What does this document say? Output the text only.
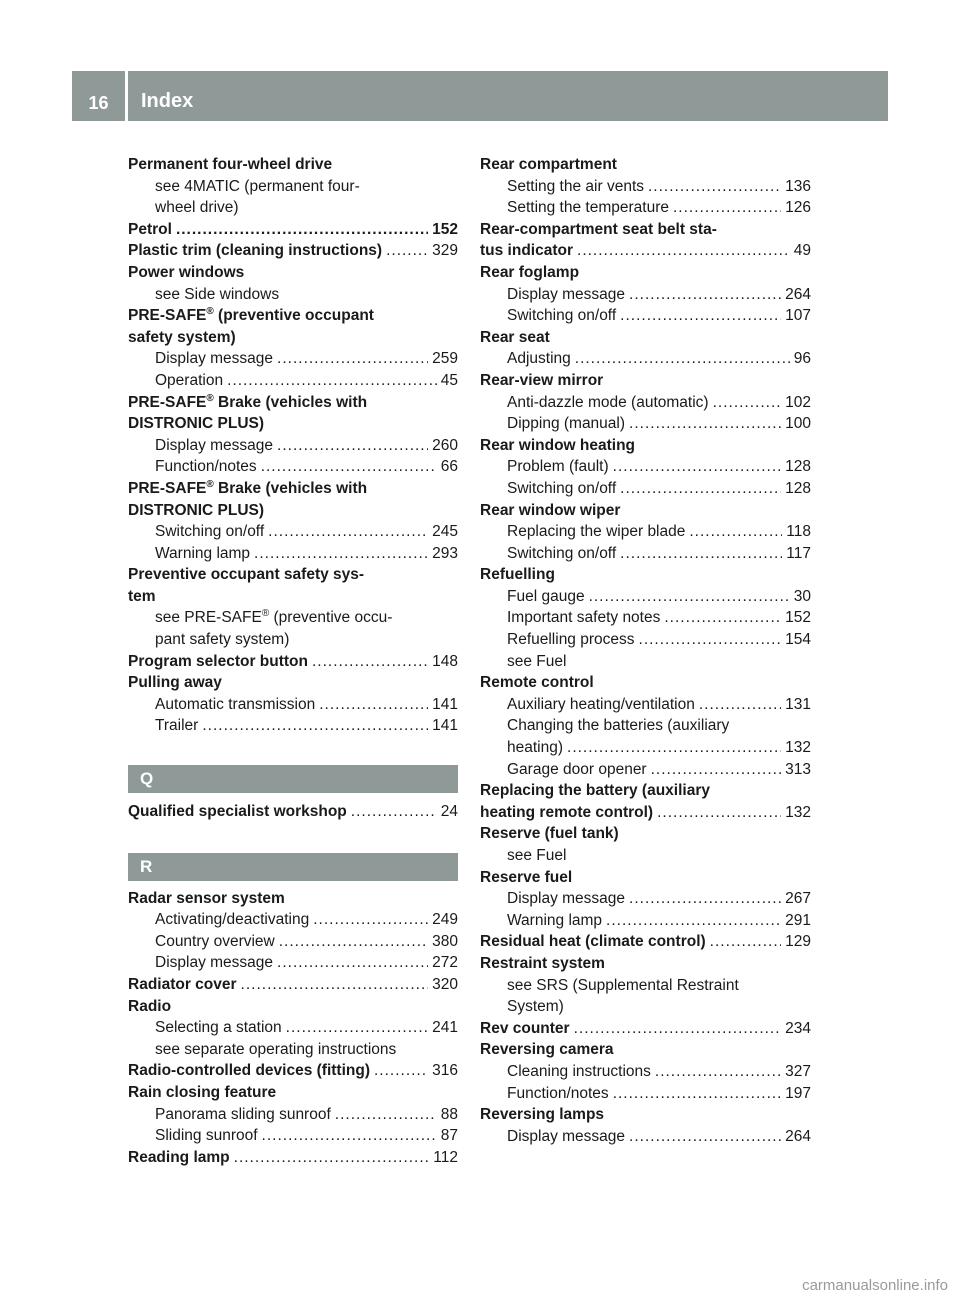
16	Index
Permanent four-wheel drive
see 4MATIC (permanent four-
wheel drive)
Petrol .....	152
Plastic trim (cleaning instructions) .....	329
Power windows
see Side windows
PRE-SAFE® (preventive occupant
safety system)
Display message .....	259
Operation .....	45
PRE-SAFE® Brake (vehicles with
DISTRONIC PLUS)
Display message .....	260
Function/notes .....	66
PRE-SAFE® Brake (vehicles with
DISTRONIC PLUS)
Switching on/off .....	245
Warning lamp .....	293
Preventive occupant safety sys-
tem
see PRE-SAFE® (preventive occu-
pant safety system)
Program selector button .....	148
Pulling away
Automatic transmission .....	141
Trailer .....	141
Q
Qualified specialist workshop .....	24
R
Radar sensor system
Activating/deactivating .....	249
Country overview .....	380
Display message .....	272
Radiator cover .....	320
Radio
Selecting a station .....	241
see separate operating instructions
Radio-controlled devices (fitting) .....	316
Rain closing feature
Panorama sliding sunroof .....	88
Sliding sunroof .....	87
Reading lamp .....	112
Rear compartment
Setting the air vents .....	136
Setting the temperature .....	126
Rear-compartment seat belt sta-
tus indicator .....	49
Rear foglamp
Display message .....	264
Switching on/off .....	107
Rear seat
Adjusting .....	96
Rear-view mirror
Anti-dazzle mode (automatic) .....	102
Dipping (manual) .....	100
Rear window heating
Problem (fault) .....	128
Switching on/off .....	128
Rear window wiper
Replacing the wiper blade .....	118
Switching on/off .....	117
Refuelling
Fuel gauge .....	30
Important safety notes .....	152
Refuelling process .....	154
see Fuel
Remote control
Auxiliary heating/ventilation .....	131
Changing the batteries (auxiliary
heating) .....	132
Garage door opener .....	313
Replacing the battery (auxiliary
heating remote control) .....	132
Reserve (fuel tank)
see Fuel
Reserve fuel
Display message .....	267
Warning lamp .....	291
Residual heat (climate control) .....	129
Restraint system
see SRS (Supplemental Restraint
System)
Rev counter .....	234
Reversing camera
Cleaning instructions .....	327
Function/notes .....	197
Reversing lamps
Display message .....	264
carmanualsonline.info
